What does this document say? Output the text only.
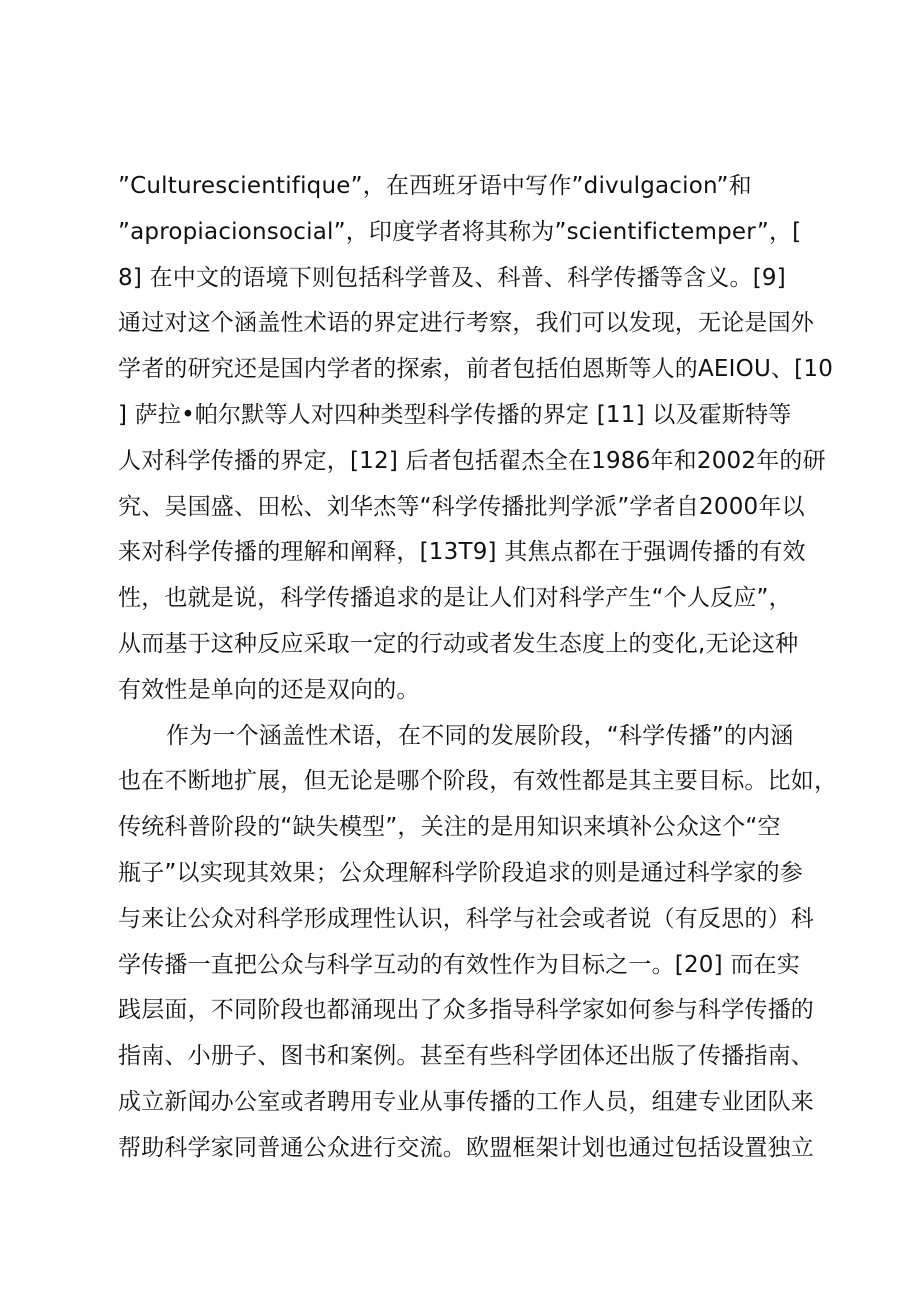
”Culturescientifique”，在西班牙语中写作”divulgacion”和
”apropiacionsocial”，印度学者将其称为”scientifictemper”，[
8] 在中文的语境下则包括科学普及、科普、科学传播等含义。[9]
通过对这个涵盖性术语的界定进行考察，我们可以发现，无论是国外
学者的研究还是国内学者的探索，前者包括伯恩斯等人的AEIOU、[10
] 萨拉•帕尔默等人对四种类型科学传播的界定 [11] 以及霍斯特等
人对科学传播的界定，[12] 后者包括翟杰全在1986年和2002年的研
究、吴国盛、田松、刘华杰等“科学传播批判学派”学者自2000年以
来对科学传播的理解和阐释，[13T9] 其焦点都在于强调传播的有效
性，也就是说，科学传播追求的是让人们对科学产生“个人反应”，
从而基于这种反应采取一定的行动或者发生态度上的变化,无论这种
有效性是单向的还是双向的。
作为一个涵盖性术语，在不同的发展阶段，“科学传播”的内涵
也在不断地扩展，但无论是哪个阶段，有效性都是其主要目标。比如，
传统科普阶段的“缺失模型”，关注的是用知识来填补公众这个“空
瓶子”以实现其效果；公众理解科学阶段追求的则是通过科学家的参
与来让公众对科学形成理性认识，科学与社会或者说（有反思的）科
学传播一直把公众与科学互动的有效性作为目标之一。[20] 而在实
践层面，不同阶段也都涌现出了众多指导科学家如何参与科学传播的
指南、小册子、图书和案例。甚至有些科学团体还出版了传播指南、
成立新闻办公室或者聘用专业从事传播的工作人员，组建专业团队来
帮助科学家同普通公众进行交流。欧盟框架计划也通过包括设置独立
